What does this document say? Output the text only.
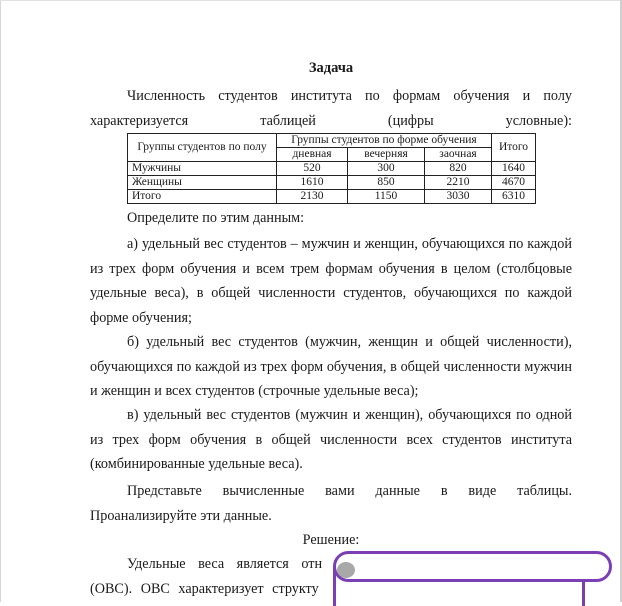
Задача

Численность студентов института по формам обучения и полу характеризуется таблицей (цифры условные):

Группы студентов по полу	Группы студентов по форме обучения			Итого
	дневная	вечерняя	заочная	
Мужчины	520	300	820	1640
Женщины	1610	850	2210	4670
Итого	2130	1150	3030	6310

Определите по этим данным:

а) удельный вес студентов – мужчин и женщин, обучающихся по каждой из трех форм обучения и всем трем формам обучения в целом (столбцовые удельные веса), в общей численности студентов, обучающихся по каждой форме обучения;

б) удельный вес студентов (мужчин, женщин и общей численности), обучающихся по каждой из трех форм обучения, в общей численности мужчин и женщин и всех студентов (строчные удельные веса);

в) удельный вес студентов (мужчин и женщин), обучающихся по одной из трех форм обучения в общей численности всех студентов института (комбинированные удельные веса).

Представьте вычисленные вами данные в виде таблицы. Проанализируйте эти данные.

Решение:

Удельные веса является отн
(ОВС). ОВС характеризует структу
